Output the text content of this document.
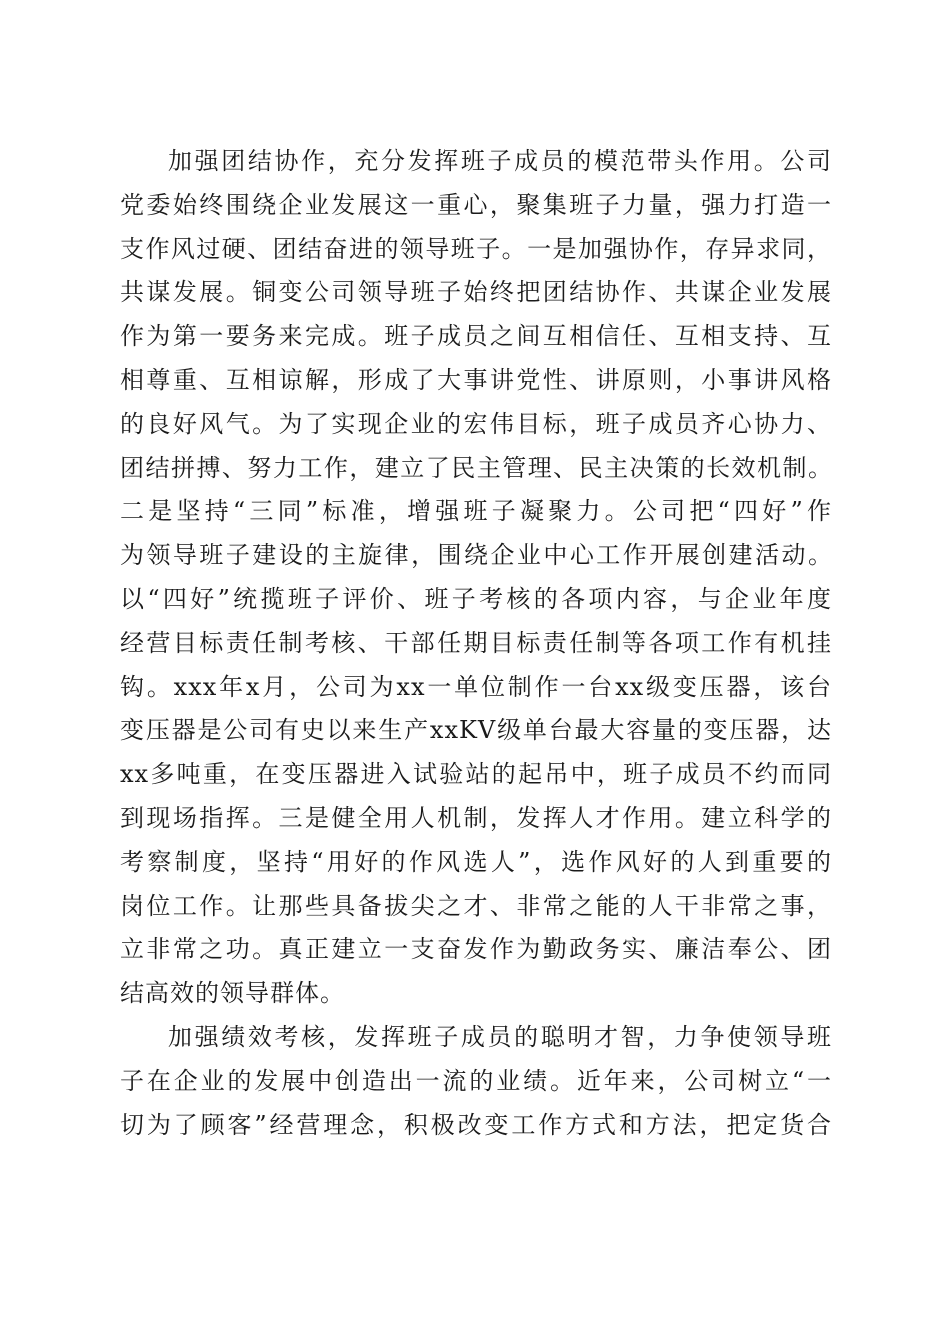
加强团结协作，充分发挥班子成员的模范带头作用。公司
党委始终围绕企业发展这一重心，聚集班子力量，强力打造一
支作风过硬、团结奋进的领导班子。一是加强协作，存异求同，
共谋发展。铜变公司领导班子始终把团结协作、共谋企业发展
作为第一要务来完成。班子成员之间互相信任、互相支持、互
相尊重、互相谅解，形成了大事讲党性、讲原则，小事讲风格
的良好风气。为了实现企业的宏伟目标，班子成员齐心协力、
团结拼搏、努力工作，建立了民主管理、民主决策的长效机制。
二是坚持“三同”标准，增强班子凝聚力。公司把“四好”作
为领导班子建设的主旋律，围绕企业中心工作开展创建活动。
以“四好”统揽班子评价、班子考核的各项内容，与企业年度
经营目标责任制考核、干部任期目标责任制等各项工作有机挂
钩。xxx年x月，公司为xx一单位制作一台xx级变压器，该台
变压器是公司有史以来生产xxKV级单台最大容量的变压器，达
xx多吨重，在变压器进入试验站的起吊中，班子成员不约而同
到现场指挥。三是健全用人机制，发挥人才作用。建立科学的
考察制度，坚持“用好的作风选人”，选作风好的人到重要的
岗位工作。让那些具备拔尖之才、非常之能的人干非常之事，
立非常之功。真正建立一支奋发作为勤政务实、廉洁奉公、团
结高效的领导群体。
加强绩效考核，发挥班子成员的聪明才智，力争使领导班
子在企业的发展中创造出一流的业绩。近年来，公司树立“一
切为了顾客”经营理念，积极改变工作方式和方法，把定货合
